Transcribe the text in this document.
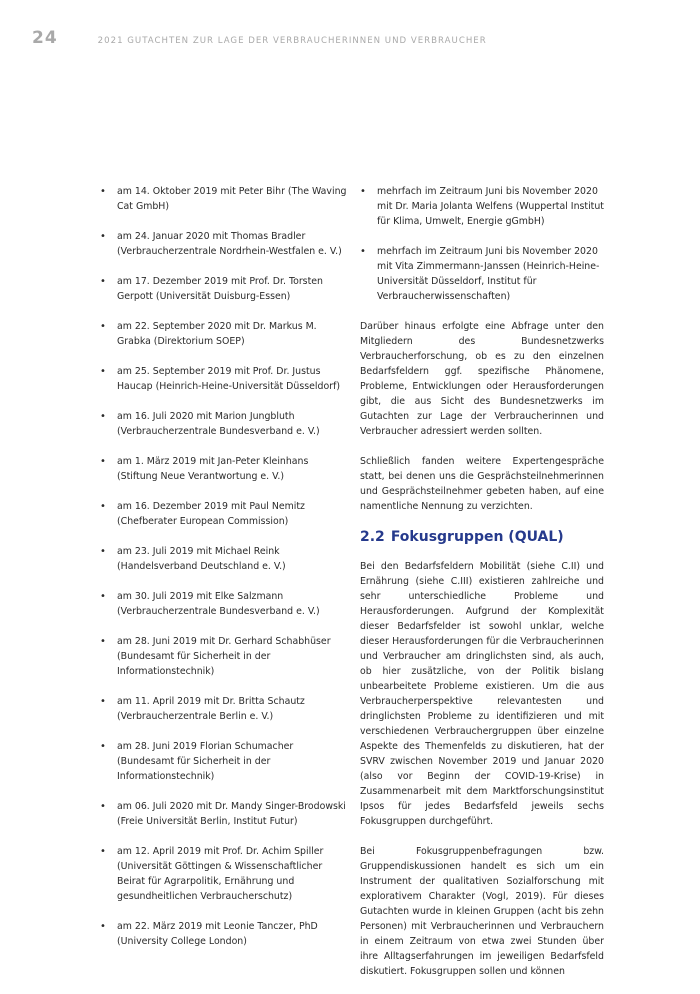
24	2021 GUTACHTEN ZUR LAGE DER VERBRAUCHERINNEN UND VERBRAUCHER
• am 14. Oktober 2019 mit Peter Bihr (The Waving Cat GmbH)
• am 24. Januar 2020 mit Thomas Bradler (Verbraucherzentrale Nordrhein-Westfalen e. V.)
• am 17. Dezember 2019 mit Prof. Dr. Torsten Gerpott (Universität Duisburg-Essen)
• am 22. September 2020 mit Dr. Markus M. Grabka (Direktorium SOEP)
• am 25. September 2019 mit Prof. Dr. Justus Haucap (Heinrich-Heine-Universität Düsseldorf)
• am 16. Juli 2020 mit Marion Jungbluth (Verbraucherzentrale Bundesverband e. V.)
• am 1. März 2019 mit Jan-Peter Kleinhans (Stiftung Neue Verantwortung e. V.)
• am 16. Dezember 2019 mit Paul Nemitz (Chefberater European Commission)
• am 23. Juli 2019 mit Michael Reink (Handelsverband Deutschland e. V.)
• am 30. Juli 2019 mit Elke Salzmann (Verbraucherzentrale Bundesverband e. V.)
• am 28. Juni 2019 mit Dr. Gerhard Schabhüser (Bundesamt für Sicherheit in der Informationstechnik)
• am 11. April 2019 mit Dr. Britta Schautz (Verbraucherzentrale Berlin e. V.)
• am 28. Juni 2019 Florian Schumacher (Bundesamt für Sicherheit in der Informationstechnik)
• am 06. Juli 2020 mit Dr. Mandy Singer-Brodowski (Freie Universität Berlin, Institut Futur)
• am 12. April 2019 mit Prof. Dr. Achim Spiller (Universität Göttingen & Wissenschaftlicher Beirat für Agrarpolitik, Ernährung und gesundheitlichen Verbraucherschutz)
• am 22. März 2019 mit Leonie Tanczer, PhD (University College London)
• mehrfach im Zeitraum Juni bis November 2020 mit Dr. Maria Jolanta Welfens (Wuppertal Institut für Klima, Umwelt, Energie gGmbH)
• mehrfach im Zeitraum Juni bis November 2020 mit Vita Zimmermann-Janssen (Heinrich-Heine-Universität Düsseldorf, Institut für Verbraucherwissenschaften)

Darüber hinaus erfolgte eine Abfrage unter den Mitgliedern des Bundesnetzwerks Verbraucherforschung, ob es zu den einzelnen Bedarfsfeldern ggf. spezifische Phänomene, Probleme, Entwicklungen oder Herausforderungen gibt, die aus Sicht des Bundesnetzwerks im Gutachten zur Lage der Verbraucherinnen und Verbraucher adressiert werden sollten.

Schließlich fanden weitere Expertengespräche statt, bei denen uns die Gesprächsteilnehmerinnen und Gesprächsteilnehmer gebeten haben, auf eine namentliche Nennung zu verzichten.

2.2 Fokusgruppen (QUAL)

Bei den Bedarfsfeldern Mobilität (siehe C.II) und Ernährung (siehe C.III) existieren zahlreiche und sehr unterschiedliche Probleme und Herausforderungen. Aufgrund der Komplexität dieser Bedarfsfelder ist sowohl unklar, welche dieser Herausforderungen für die Verbraucherinnen und Verbraucher am dringlichsten sind, als auch, ob hier zusätzliche, von der Politik bislang unbearbeitete Probleme existieren. Um die aus Verbraucherperspektive relevantesten und dringlichsten Probleme zu identifizieren und mit verschiedenen Verbrauchergruppen über einzelne Aspekte des Themenfelds zu diskutieren, hat der SVRV zwischen November 2019 und Januar 2020 (also vor Beginn der COVID-19-Krise) in Zusammenarbeit mit dem Marktforschungsinstitut Ipsos für jedes Bedarfsfeld jeweils sechs Fokusgruppen durchgeführt.

Bei Fokusgruppenbefragungen bzw. Gruppendiskussionen handelt es sich um ein Instrument der qualitativen Sozialforschung mit explorativem Charakter (Vogl, 2019). Für dieses Gutachten wurde in kleinen Gruppen (acht bis zehn Personen) mit Verbraucherinnen und Verbrauchern in einem Zeitraum von etwa zwei Stunden über ihre Alltagserfahrungen im jeweiligen Bedarfsfeld diskutiert. Fokusgruppen sollen und können
